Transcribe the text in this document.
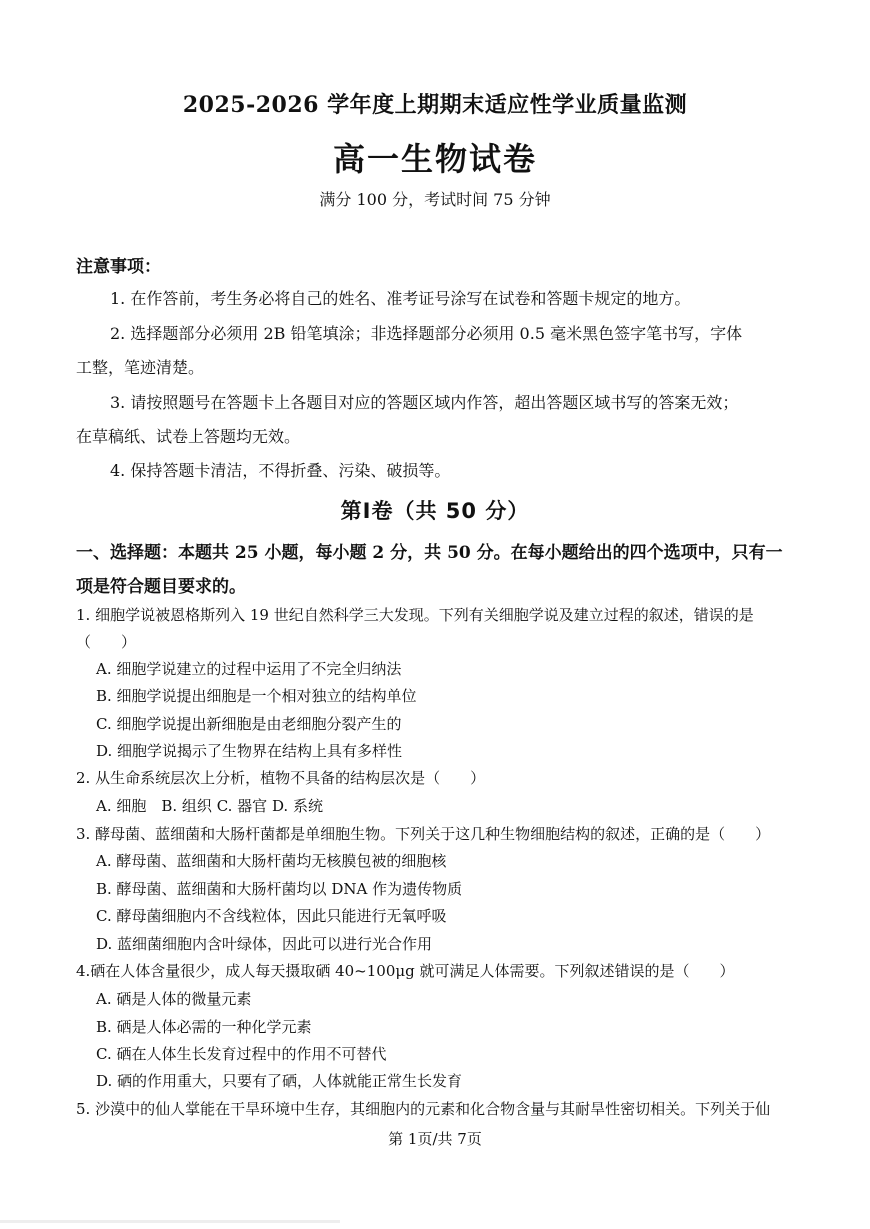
2025-2026 学年度上期期末适应性学业质量监测
高一生物试卷
满分 100 分，考试时间 75 分钟
注意事项：
1. 在作答前，考生务必将自己的姓名、准考证号涂写在试卷和答题卡规定的地方。
2. 选择题部分必须用 2B 铅笔填涂；非选择题部分必须用 0.5 毫米黑色签字笔书写，字体
工整，笔迹清楚。
3. 请按照题号在答题卡上各题目对应的答题区域内作答，超出答题区域书写的答案无效；
在草稿纸、试卷上答题均无效。
4. 保持答题卡清洁，不得折叠、污染、破损等。
第Ⅰ卷（共 50 分）
一、选择题：本题共 25 小题，每小题 2 分，共 50 分。在每小题给出的四个选项中，只有一
项是符合题目要求的。
1. 细胞学说被恩格斯列入 19 世纪自然科学三大发现。下列有关细胞学说及建立过程的叙述，错误的是
（　　）
A. 细胞学说建立的过程中运用了不完全归纳法
B. 细胞学说提出细胞是一个相对独立的结构单位
C. 细胞学说提出新细胞是由老细胞分裂产生的
D. 细胞学说揭示了生物界在结构上具有多样性
2. 从生命系统层次上分析，植物不具备的结构层次是（　　）
A. 细胞　B. 组织 C. 器官 D. 系统
3. 酵母菌、蓝细菌和大肠杆菌都是单细胞生物。下列关于这几种生物细胞结构的叙述，正确的是（　　）
A. 酵母菌、蓝细菌和大肠杆菌均无核膜包被的细胞核
B. 酵母菌、蓝细菌和大肠杆菌均以 DNA 作为遗传物质
C. 酵母菌细胞内不含线粒体，因此只能进行无氧呼吸
D. 蓝细菌细胞内含叶绿体，因此可以进行光合作用
4.硒在人体含量很少，成人每天摄取硒 40~100μg 就可满足人体需要。下列叙述错误的是（　　）
A. 硒是人体的微量元素
B. 硒是人体必需的一种化学元素
C. 硒在人体生长发育过程中的作用不可替代
D. 硒的作用重大，只要有了硒，人体就能正常生长发育
5. 沙漠中的仙人掌能在干旱环境中生存，其细胞内的元素和化合物含量与其耐旱性密切相关。下列关于仙
第 1页/共 7页
